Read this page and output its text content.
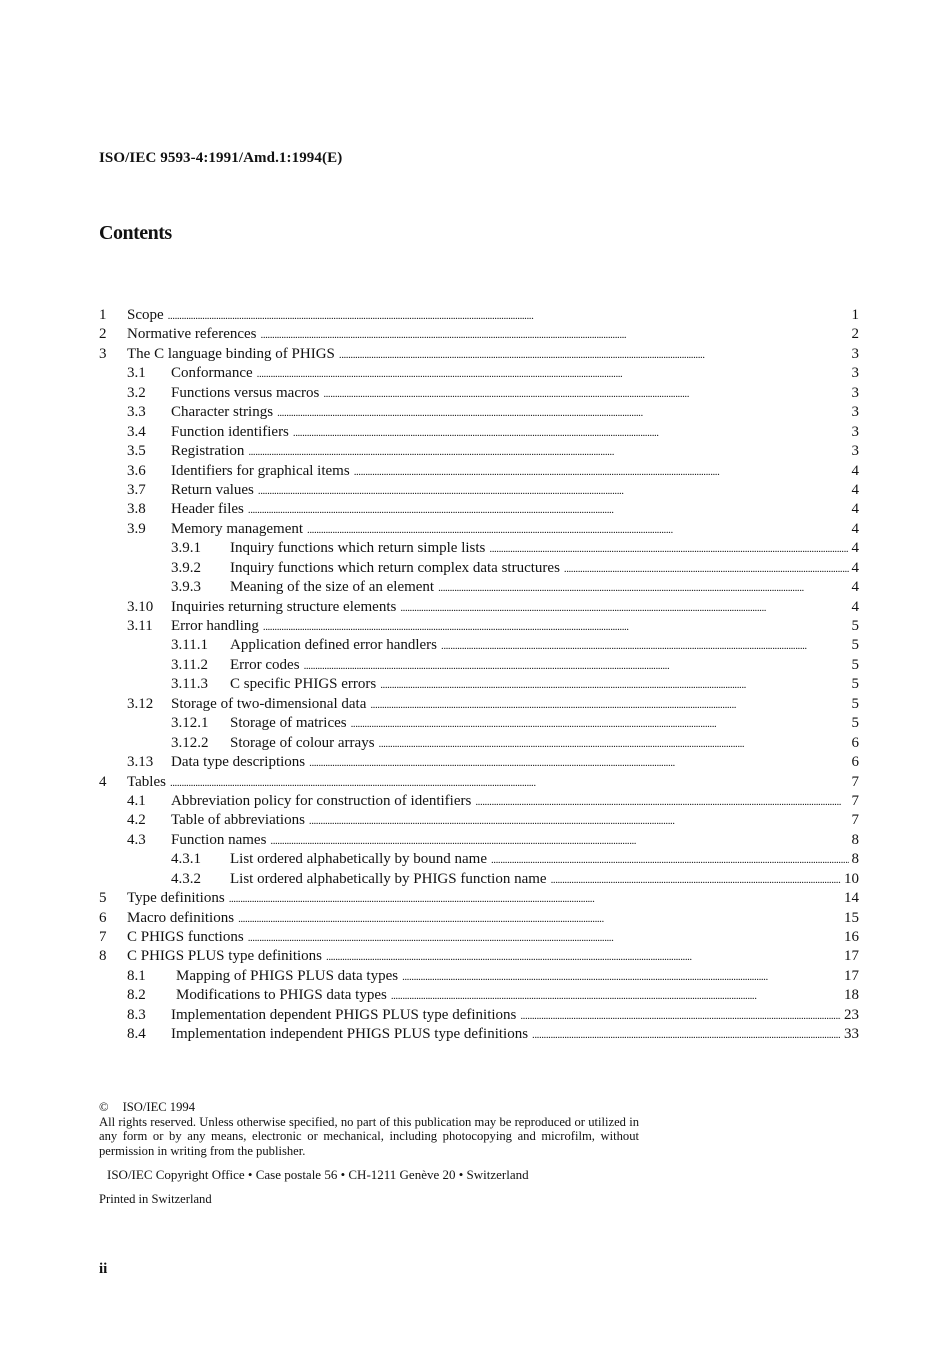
ISO/IEC 9593-4:1991/Amd.1:1994(E)
Contents
1 Scope . . .	1
2 Normative references . . .	2
3 The C language binding of PHIGS . . .	3
3.1 Conformance . . .	3
3.2 Functions versus macros . . .	3
3.3 Character strings . . .	3
3.4 Function identifiers . . .	3
3.5 Registration . . .	3
3.6 Identifiers for graphical items . . .	4
3.7 Return values . . .	4
3.8 Header files . . .	4
3.9 Memory management . . .	4
3.9.1 Inquiry functions which return simple lists . . .	4
3.9.2 Inquiry functions which return complex data structures . . .	4
3.9.3 Meaning of the size of an element . . .	4
3.10 Inquiries returning structure elements . . .	4
3.11 Error handling . . .	5
3.11.1 Application defined error handlers . . .	5
3.11.2 Error codes . . .	5
3.11.3 C specific PHIGS errors . . .	5
3.12 Storage of two-dimensional data . . .	5
3.12.1 Storage of matrices . . .	5
3.12.2 Storage of colour arrays . . .	6
3.13 Data type descriptions . . .	6
4 Tables . . .	7
4.1 Abbreviation policy for construction of identifiers . . .	7
4.2 Table of abbreviations . . .	7
4.3 Function names . . .	8
4.3.1 List ordered alphabetically by bound name . . .	8
4.3.2 List ordered alphabetically by PHIGS function name . . .	10
5 Type definitions . . .	14
6 Macro definitions . . .	15
7 C PHIGS functions . . .	16
8 C PHIGS PLUS type definitions . . .	17
8.1 Mapping of PHIGS PLUS data types . . .	17
8.2 Modifications to PHIGS data types . . .	18
8.3 Implementation dependent PHIGS PLUS type definitions . . .	23
8.4 Implementation independent PHIGS PLUS type definitions . . .	33
© ISO/IEC 1994

All rights reserved. Unless otherwise specified, no part of this publication may be reproduced or utilized in any form or by any means, electronic or mechanical, including photocopying and microfilm, without permission in writing from the publisher.

ISO/IEC Copyright Office • Case postale 56 • CH-1211 Genève 20 • Switzerland
Printed in Switzerland
ii
